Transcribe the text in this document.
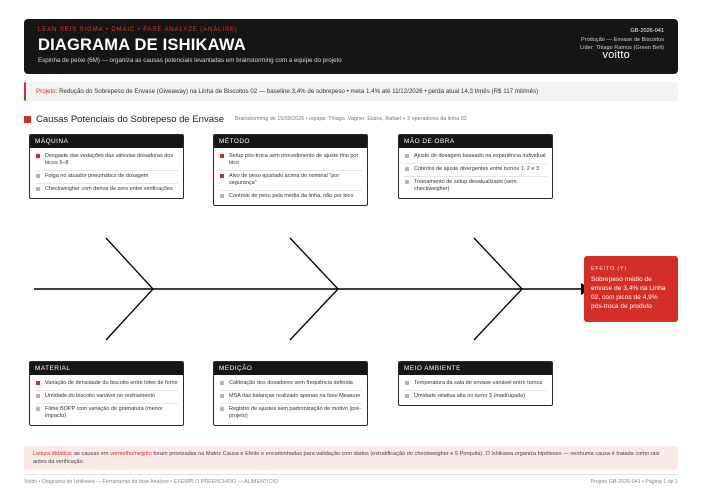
LEAN SEIS SIGMA • DMAIC • FASE ANALYZE (ANÁLISE)
DIAGRAMA DE ISHIKAWA
Espinha de peixe (6M) — organiza as causas potenciais levantadas em brainstorming com a equipe do projeto
GB-2026-041
Produção — Envase de Biscoitos
Líder: Thiago Ramos (Green Belt)
voitto
Projeto: Redução do Sobrepeso de Envase (Giveaway) na Linha de Biscoitos 02 — baseline 3,4% de sobrepeso • meta 1,4% até 11/12/2026 • perda atual 14,3 t/mês (R$ 117 mil/mês)
Causas Potenciais do Sobrepeso de Envase Brainstorming de 15/09/2026 • equipe: Thiago, Vagner, Elaine, Rafael + 2 operadores da linha 02
MÁQUINA
Desgaste das vedações das válvulas dosadoras dos bicos 5–8
Folga no atuador pneumático de dosagem
Checkweigher com deriva de zero entre verificações
MÉTODO
Setup pós-troca sem procedimento de ajuste fino por bico
Alvo de peso ajustado acima do nominal "por segurança"
Controle de peso pela média da linha, não por bico
MÃO DE OBRA
Ajuste de dosagem baseado na experiência individual
Critérios de ajuste divergentes entre turnos 1, 2 e 3
Treinamento de setup desatualizado (sem checkweigher)
MATERIAL
Variação de densidade do biscoito entre lotes de forno
Umidade do biscoito variável no resfriamento
Filme BOPP com variação de gramatura (menor impacto)
MEDIÇÃO
Calibração dos dosadores sem frequência definida
MSA das balanças realizado apenas na fase Measure
Registro de ajustes sem padronização de motivo (pré-projeto)
MEIO AMBIENTE
Temperatura da sala de envase variável entre turnos
Umidade relativa alta no turno 3 (madrugada)
EFEITO (Y)
Sobrepeso médio de envase de 3,4% na Linha 02, com picos de 4,9% pós-troca de produto
Leitura didática: as causas em vermelho/negrito foram priorizadas na Matriz Causa e Efeito e encaminhadas para validação com dados (estratificação do checkweigher e 5 Porquês). O Ishikawa organiza hipóteses — nenhuma causa é tratada como raiz antes da verificação.
Voitto • Diagrama de Ishikawa — Ferramenta da fase Analyze • EXEMPLO PREENCHIDO — ALIMENTÍCIO	Projeto GB-2026-041 • Página 1 de 1
